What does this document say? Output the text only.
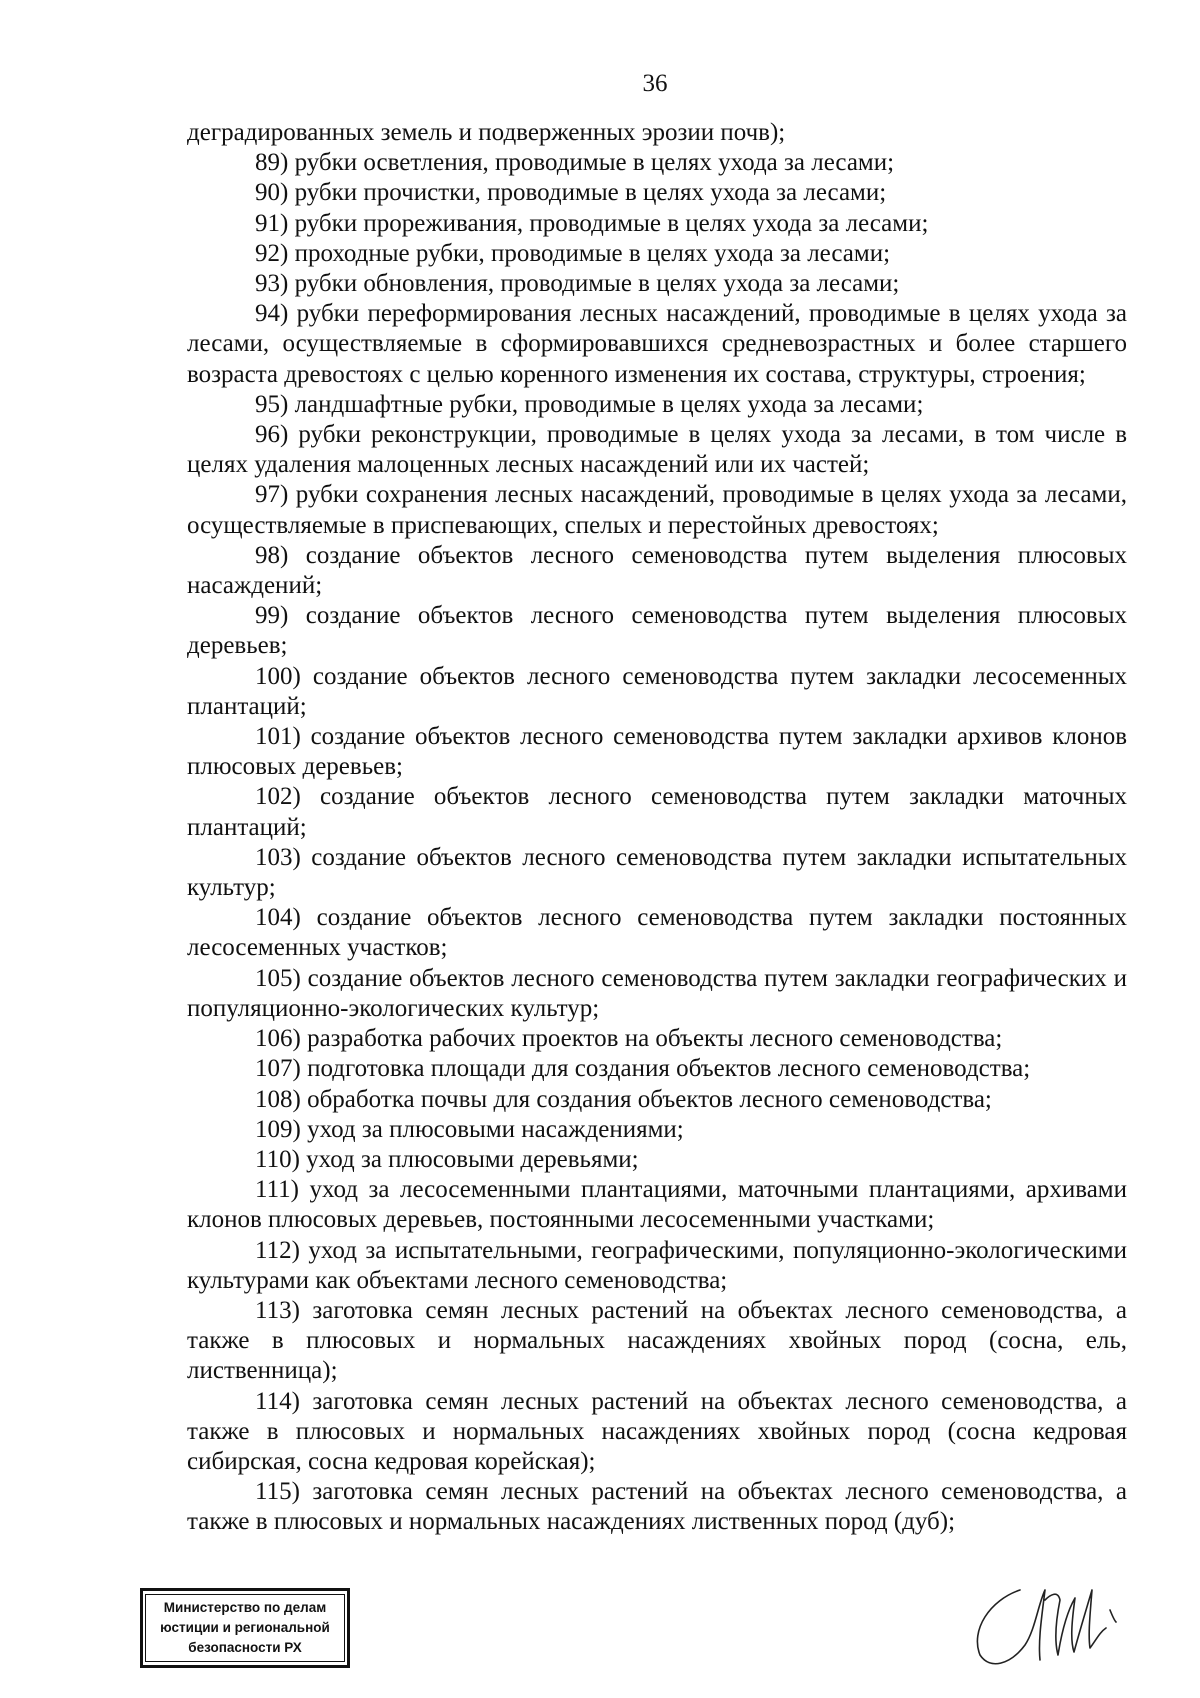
36

деградированных земель и подверженных эрозии почв);

89) рубки осветления, проводимые в целях ухода за лесами;

90) рубки прочистки, проводимые в целях ухода за лесами;

91) рубки прореживания, проводимые в целях ухода за лесами;

92) проходные рубки, проводимые в целях ухода за лесами;

93) рубки обновления, проводимые в целях ухода за лесами;

94) рубки переформирования лесных насаждений, проводимые в целях ухода за лесами, осуществляемые в сформировавшихся средневозрастных и более старшего возраста древостоях с целью коренного изменения их состава, структуры, строения;

95) ландшафтные рубки, проводимые в целях ухода за лесами;

96) рубки реконструкции, проводимые в целях ухода за лесами, в том числе в целях удаления малоценных лесных насаждений или их частей;

97) рубки сохранения лесных насаждений, проводимые в целях ухода за лесами, осуществляемые в приспевающих, спелых и перестойных древостоях;

98) создание объектов лесного семеноводства путем выделения плюсовых насаждений;

99) создание объектов лесного семеноводства путем выделения плюсовых деревьев;

100) создание объектов лесного семеноводства путем закладки лесосеменных плантаций;

101) создание объектов лесного семеноводства путем закладки архивов клонов плюсовых деревьев;

102) создание объектов лесного семеноводства путем закладки маточных плантаций;

103) создание объектов лесного семеноводства путем закладки испытательных культур;

104) создание объектов лесного семеноводства путем закладки постоянных лесосеменных участков;

105) создание объектов лесного семеноводства путем закладки географических и популяционно-экологических культур;

106) разработка рабочих проектов на объекты лесного семеноводства;

107) подготовка площади для создания объектов лесного семеноводства;

108) обработка почвы для создания объектов лесного семеноводства;

109) уход за плюсовыми насаждениями;

110) уход за плюсовыми деревьями;

111) уход за лесосеменными плантациями, маточными плантациями, архивами клонов плюсовых деревьев, постоянными лесосеменными участками;

112) уход за испытательными, географическими, популяционно-экологическими культурами как объектами лесного семеноводства;

113) заготовка семян лесных растений на объектах лесного семеноводства, а также в плюсовых и нормальных насаждениях хвойных пород (сосна, ель, лиственница);

114) заготовка семян лесных растений на объектах лесного семеноводства, а также в плюсовых и нормальных насаждениях хвойных пород (сосна кедровая сибирская, сосна кедровая корейская);

115) заготовка семян лесных растений на объектах лесного семеноводства, а также в плюсовых и нормальных насаждениях лиственных пород (дуб);

Министерство по делам
юстиции и региональной
безопасности РХ
